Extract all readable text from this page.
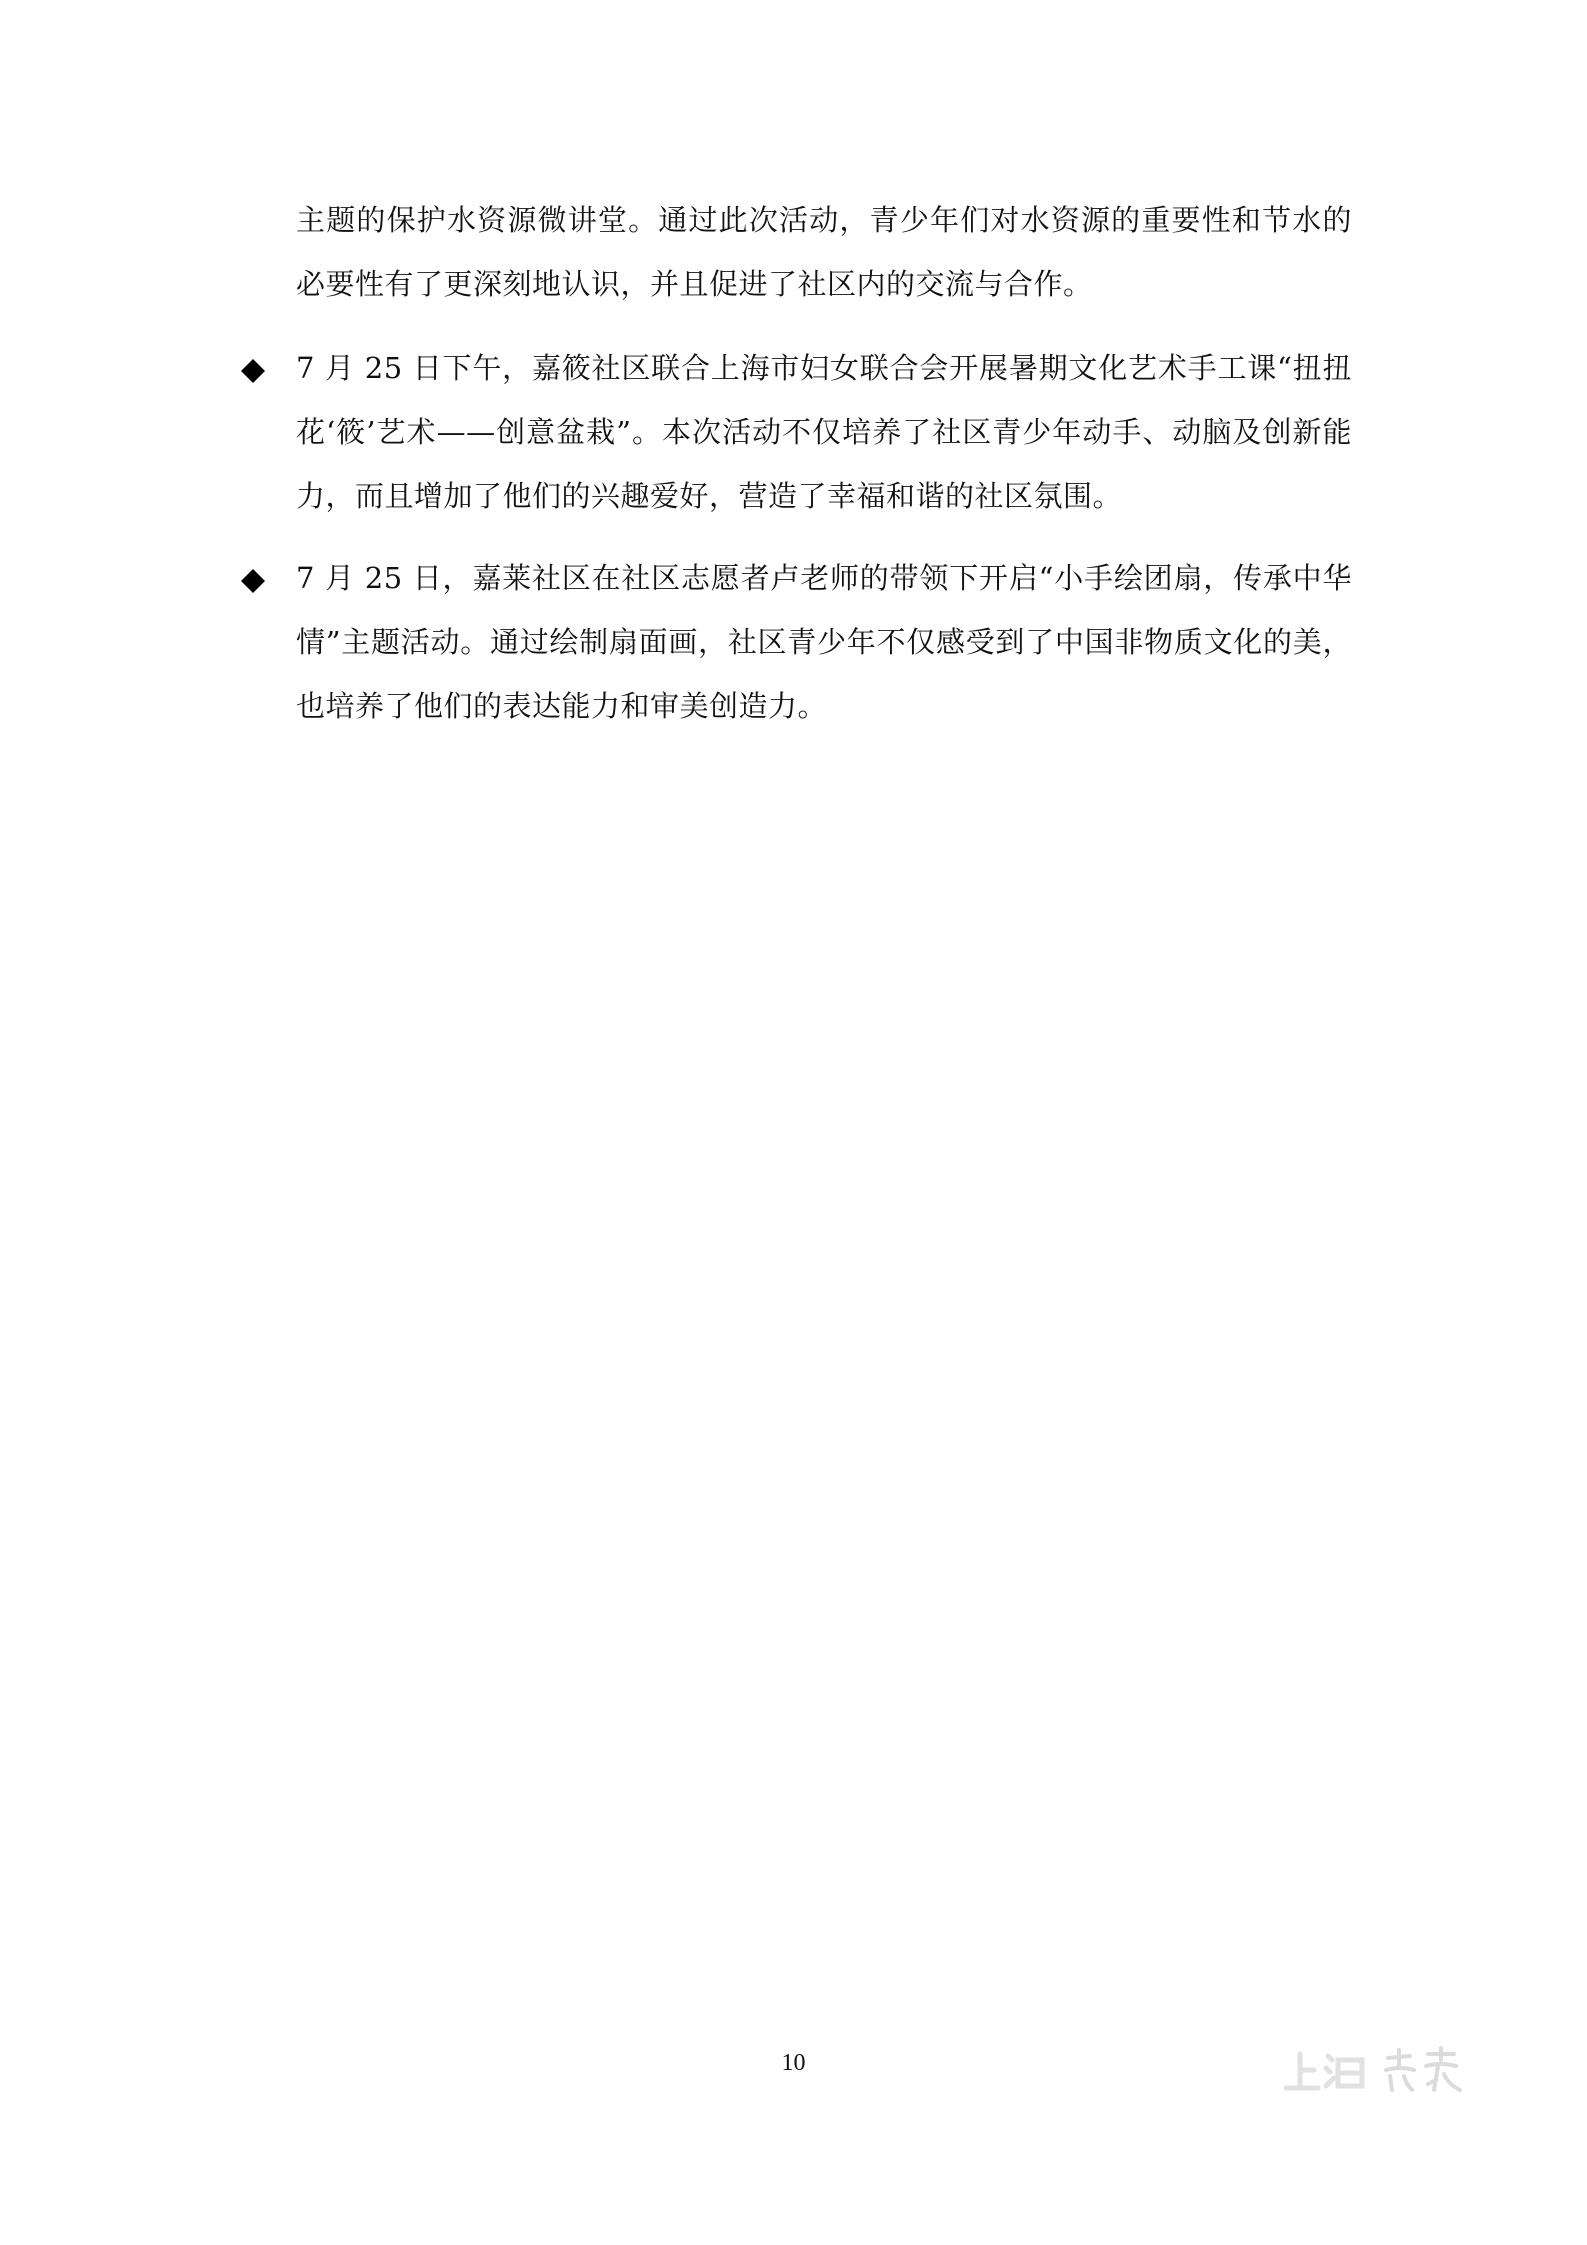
主题的保护水资源微讲堂。通过此次活动，青少年们对水资源的重要性和节水的必要性有了更深刻地认识，并且促进了社区内的交流与合作。

7 月 25 日下午，嘉筱社区联合上海市妇女联合会开展暑期文化艺术手工课“扭扭花‘筱’艺术——创意盆栽”。本次活动不仅培养了社区青少年动手、动脑及创新能力，而且增加了他们的兴趣爱好，营造了幸福和谐的社区氛围。

7 月 25 日，嘉莱社区在社区志愿者卢老师的带领下开启“小手绘团扇，传承中华情”主题活动。通过绘制扇面画，社区青少年不仅感受到了中国非物质文化的美，也培养了他们的表达能力和审美创造力。

10
